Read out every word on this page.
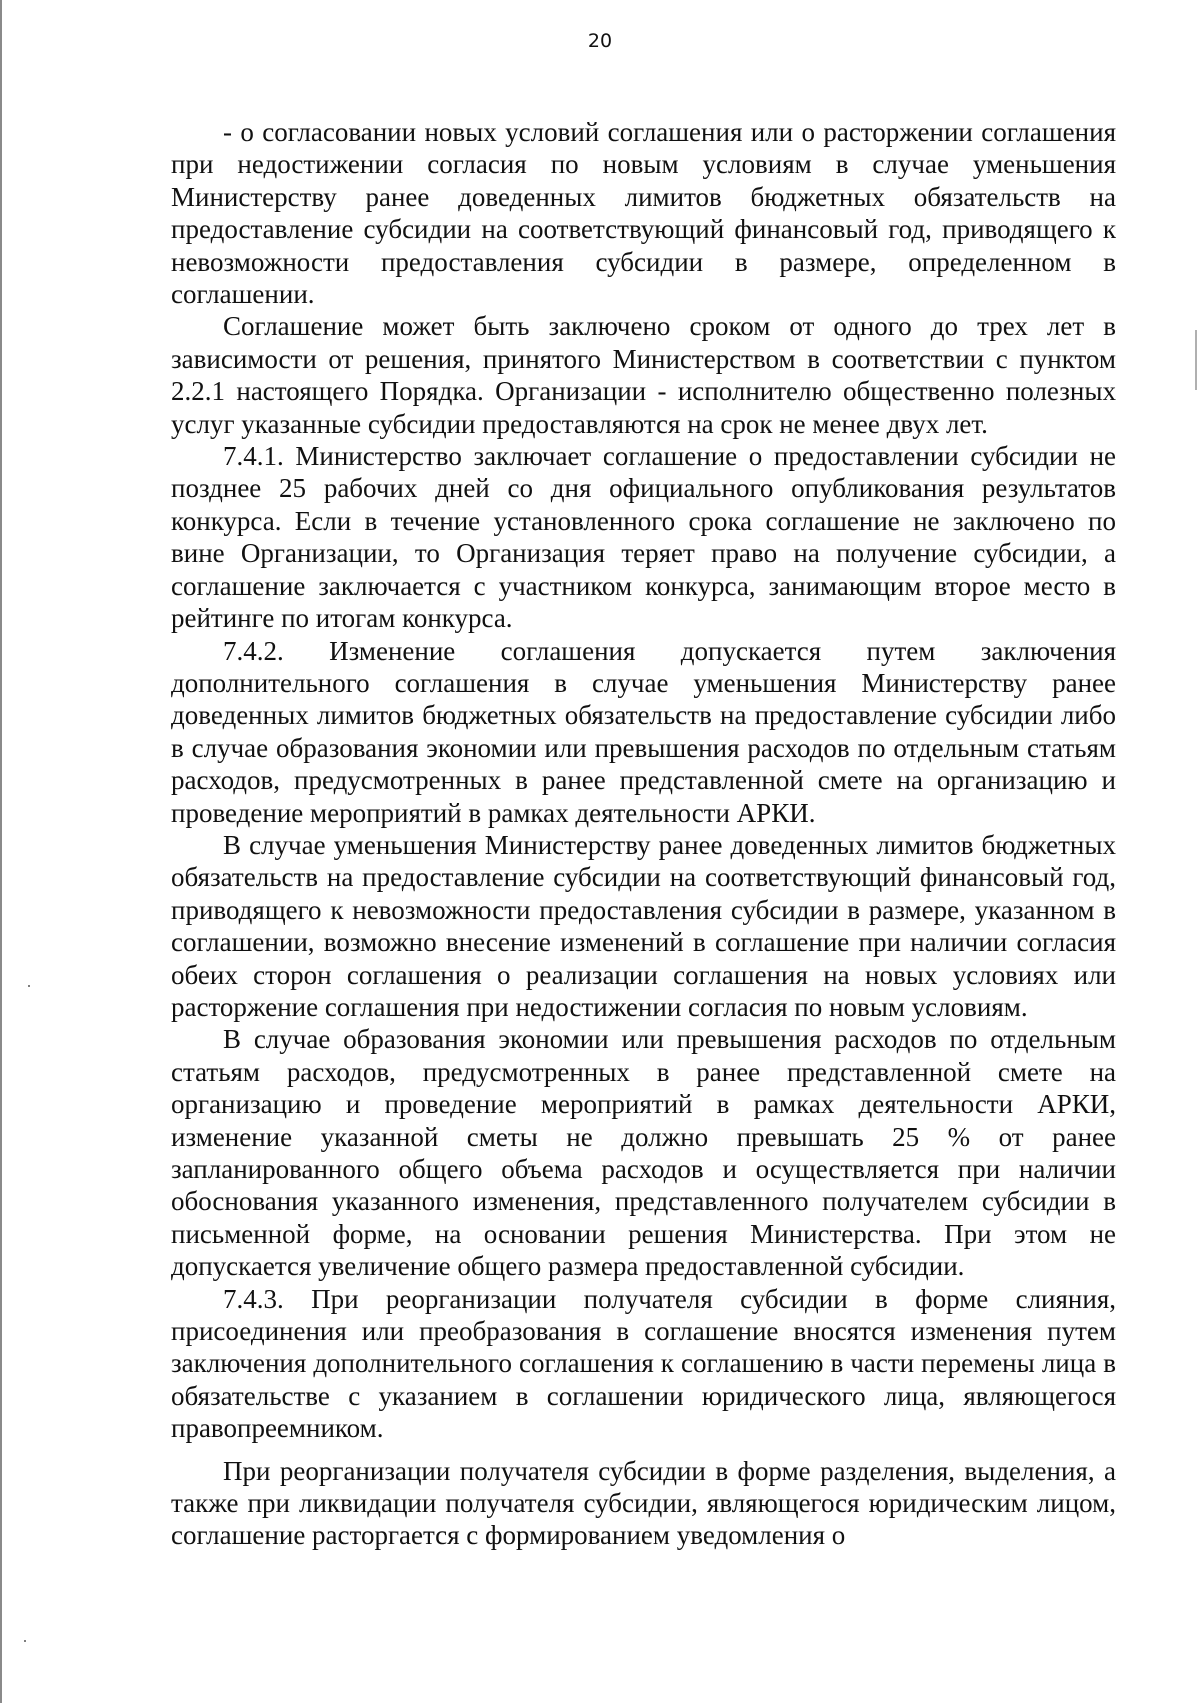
20

- о согласовании новых условий соглашения или о расторжении соглашения при недостижении согласия по новым условиям в случае уменьшения Министерству ранее доведенных лимитов бюджетных обязательств на предоставление субсидии на соответствующий финансовый год, приводящего к невозможности предоставления субсидии в размере, определенном в соглашении.

Соглашение может быть заключено сроком от одного до трех лет в зависимости от решения, принятого Министерством в соответствии с пунктом 2.2.1 настоящего Порядка. Организации - исполнителю общественно полезных услуг указанные субсидии предоставляются на срок не менее двух лет.

7.4.1. Министерство заключает соглашение о предоставлении субсидии не позднее 25 рабочих дней со дня официального опубликования результатов конкурса. Если в течение установленного срока соглашение не заключено по вине Организации, то Организация теряет право на получение субсидии, а соглашение заключается с участником конкурса, занимающим второе место в рейтинге по итогам конкурса.

7.4.2. Изменение соглашения допускается путем заключения дополнительного соглашения в случае уменьшения Министерству ранее доведенных лимитов бюджетных обязательств на предоставление субсидии либо в случае образования экономии или превышения расходов по отдельным статьям расходов, предусмотренных в ранее представленной смете на организацию и проведение мероприятий в рамках деятельности АРКИ.

В случае уменьшения Министерству ранее доведенных лимитов бюджетных обязательств на предоставление субсидии на соответствующий финансовый год, приводящего к невозможности предоставления субсидии в размере, указанном в соглашении, возможно внесение изменений в соглашение при наличии согласия обеих сторон соглашения о реализации соглашения на новых условиях или расторжение соглашения при недостижении согласия по новым условиям.

В случае образования экономии или превышения расходов по отдельным статьям расходов, предусмотренных в ранее представленной смете на организацию и проведение мероприятий в рамках деятельности АРКИ, изменение указанной сметы не должно превышать 25 % от ранее запланированного общего объема расходов и осуществляется при наличии обоснования указанного изменения, представленного получателем субсидии в письменной форме, на основании решения Министерства. При этом не допускается увеличение общего размера предоставленной субсидии.

7.4.3. При реорганизации получателя субсидии в форме слияния, присоединения или преобразования в соглашение вносятся изменения путем заключения дополнительного соглашения к соглашению в части перемены лица в обязательстве с указанием в соглашении юридического лица, являющегося правопреемником.

При реорганизации получателя субсидии в форме разделения, выделения, а также при ликвидации получателя субсидии, являющегося юридическим лицом, соглашение расторгается с формированием уведомления о
